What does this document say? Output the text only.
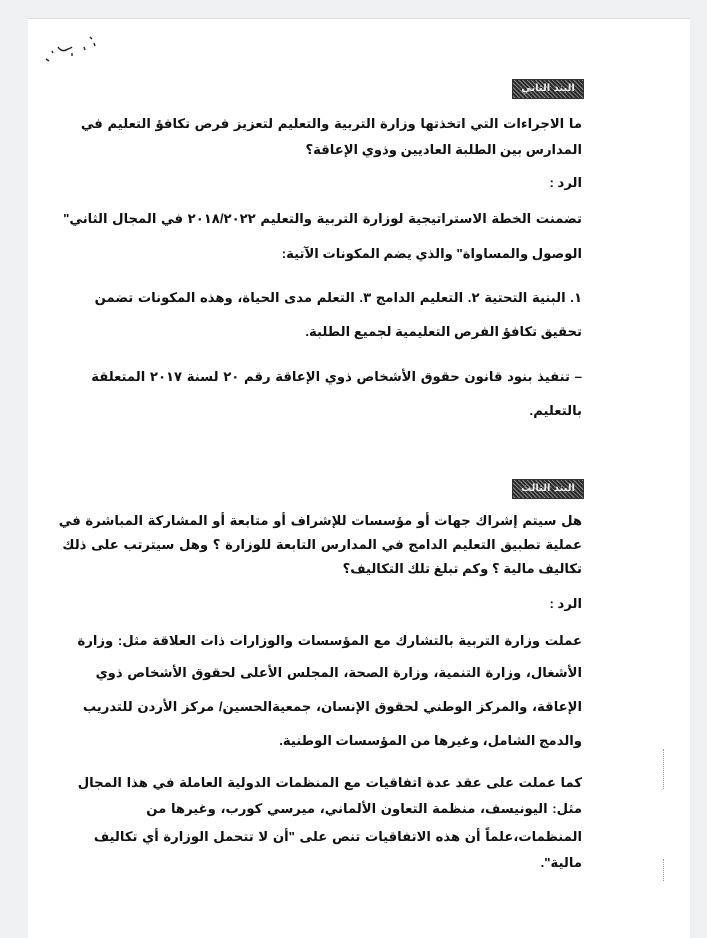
البند الثاني
ما الاجراءات التي اتخذتها وزارة التربية والتعليم لتعزيز فرص تكافؤ التعليم في
المدارس بين الطلبة العاديين وذوي الإعاقة؟
الرد :
تضمنت الخطة الاستراتيجية لوزارة التربية والتعليم ٢٠١٨/٢٠٢٢ في المجال الثاني"
الوصول والمساواة" والذي يضم المكونات الآتية:
١. البنية التحتية ٢. التعليم الدامج ٣. التعلم مدى الحياة، وهذه المكونات تضمن
تحقيق تكافؤ الفرص التعليمية لجميع الطلبة.
– تنفيذ بنود قانون حقوق الأشخاص ذوي الإعاقة رقم ٢٠ لسنة ٢٠١٧ المتعلقة
بالتعليم.
البند الثالث
هل سيتم إشراك جهات أو مؤسسات للإشراف أو متابعة أو المشاركة المباشرة في
عملية تطبيق التعليم الدامج في المدارس التابعة للوزارة ؟ وهل سيترتب على ذلك
تكاليف مالية ؟ وكم تبلغ تلك التكاليف؟
الرد :
عملت وزارة التربية بالتشارك مع المؤسسات والوزارات ذات العلاقة مثل: وزارة
الأشغال، وزارة التنمية، وزارة الصحة، المجلس الأعلى لحقوق الأشخاص ذوي
الإعاقة، والمركز الوطني لحقوق الإنسان، جمعيةالحسين/ مركز الأردن للتدريب
والدمج الشامل، وغيرها من المؤسسات الوطنية.
كما عملت على عقد عدة اتفاقيات مع المنظمات الدولية العاملة في هذا المجال
مثل: اليونيسف، منظمة التعاون الألماني، ميرسي كورب، وغيرها من
المنظمات،علماً أن هذه الاتفاقيات تنص على "أن لا تتحمل الوزارة أي تكاليف
مالية".
